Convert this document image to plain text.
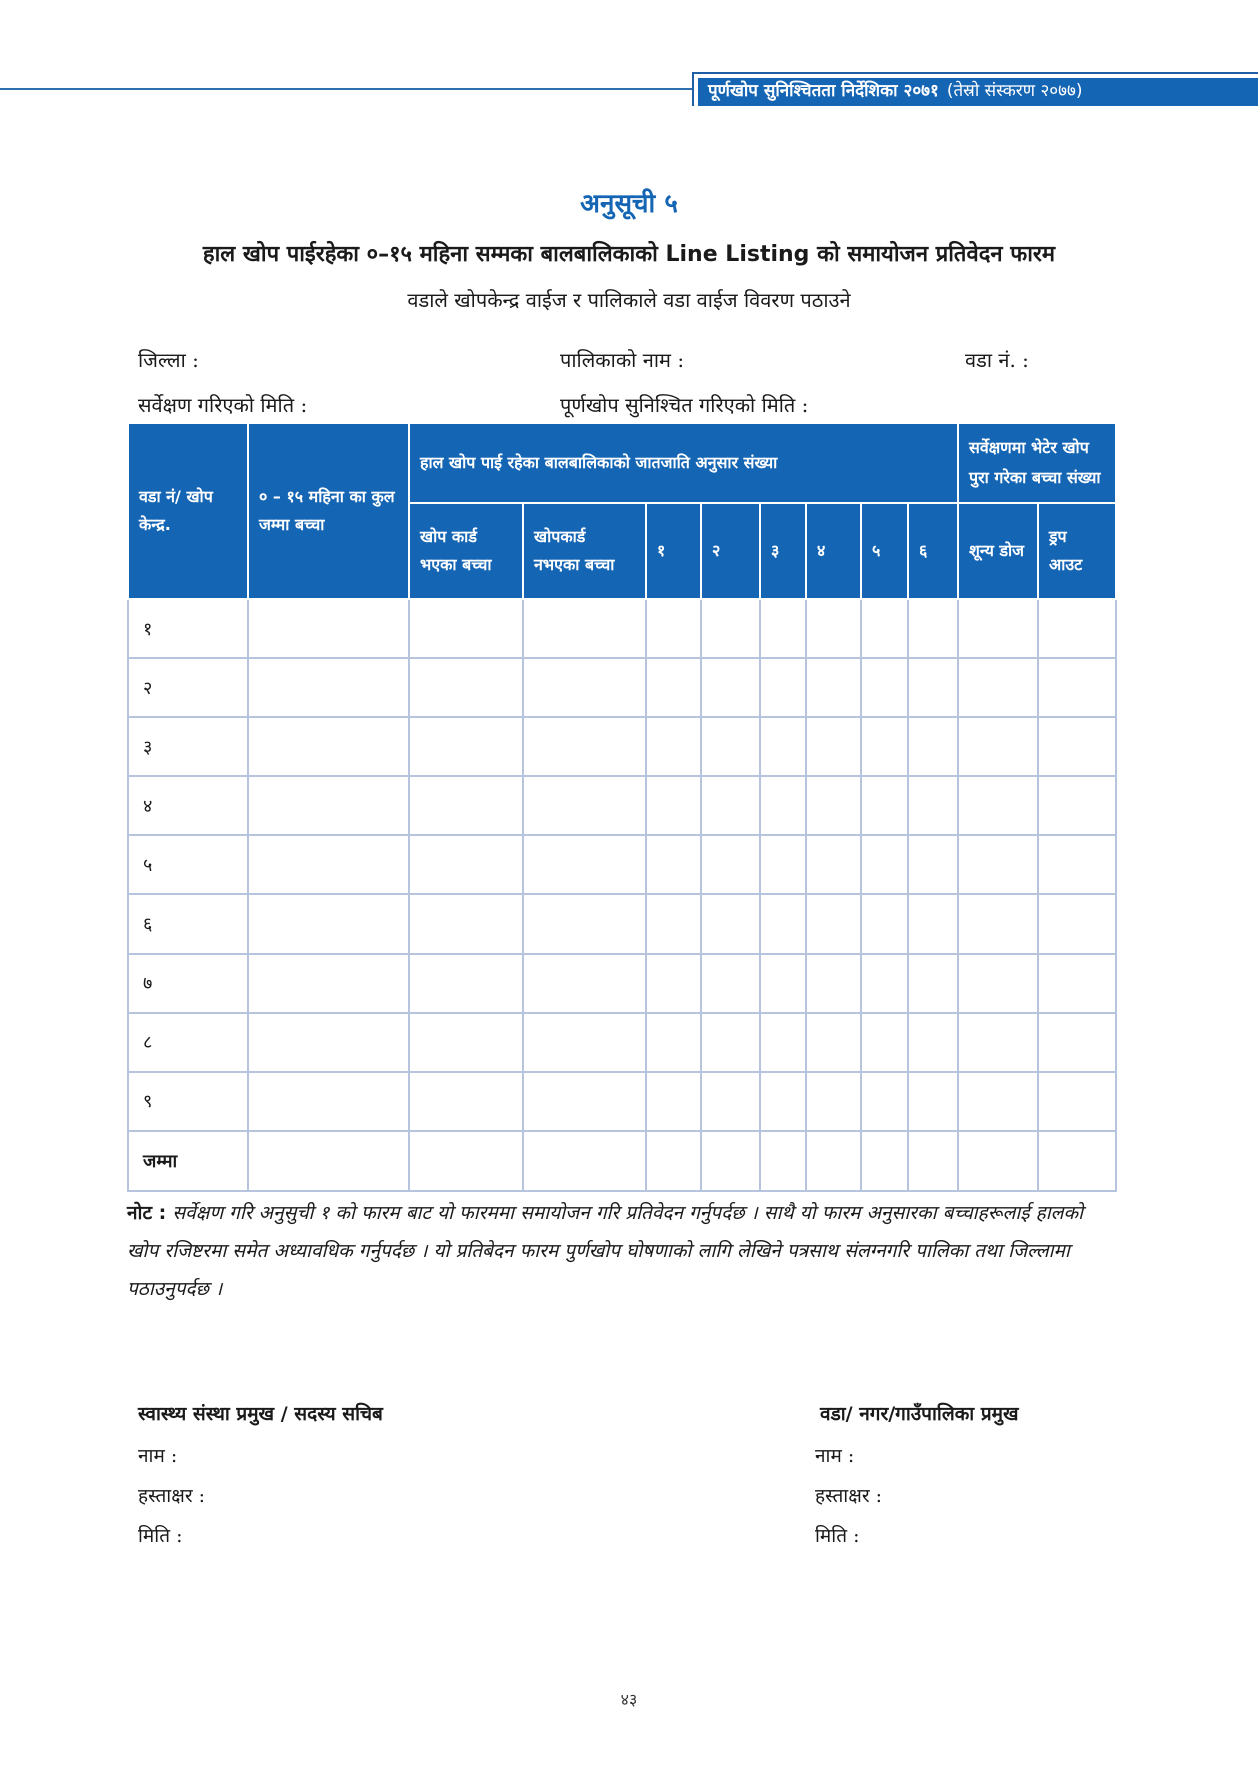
पूर्णखोप सुनिश्चितता निर्देशिका २०७१ (तेस्रो संस्करण २०७७)
अनुसूची ५
हाल खोप पाईरहेका ०–१५ महिना सम्मका बालबालिकाको Line Listing को समायोजन प्रतिवेदन फारम
वडाले खोपकेन्द्र वाईज र पालिकाले वडा वाईज विवरण पठाउने
जिल्ला :	पालिकाको नाम :	वडा नं. :
सर्वेक्षण गरिएको मिति :	पूर्णखोप सुनिश्चित गरिएको मिति :
वडा नं/ खोप केन्द्र.	० – १५ महिना का कुल जम्मा बच्चा	हाल खोप पाई रहेका बालबालिकाको जातजाति अनुसार संख्या								सर्वेक्षणमा भेटेर खोप पुरा गरेका बच्चा संख्या	
		खोप कार्ड भएका बच्चा	खोपकार्ड नभएका बच्चा	१	२	३	४	५	६	शून्य डोज	ड्रप आउट
१											
२											
३											
४											
५											
६											
७											
८											
९											
जम्मा											
नोट : सर्वेक्षण गरि अनुसुची १ को फारम बाट यो फारममा समायोजन गरि प्रतिवेदन गर्नुपर्दछ । साथै यो फारम अनुसारका बच्चाहरूलाई हालको खोप रजिष्टरमा समेत अध्यावधिक गर्नुपर्दछ । यो प्रतिबेदन फारम पुर्णखोप घोषणाको लागि लेखिने पत्रसाथ संलग्नगरि पालिका तथा जिल्लामा पठाउनुपर्दछ ।
स्वास्थ्य संस्था प्रमुख / सदस्य सचिब
नाम :
हस्ताक्षर :
मिति :
वडा/ नगर/गाउँपालिका प्रमुख
नाम :
हस्ताक्षर :
मिति :
४३
